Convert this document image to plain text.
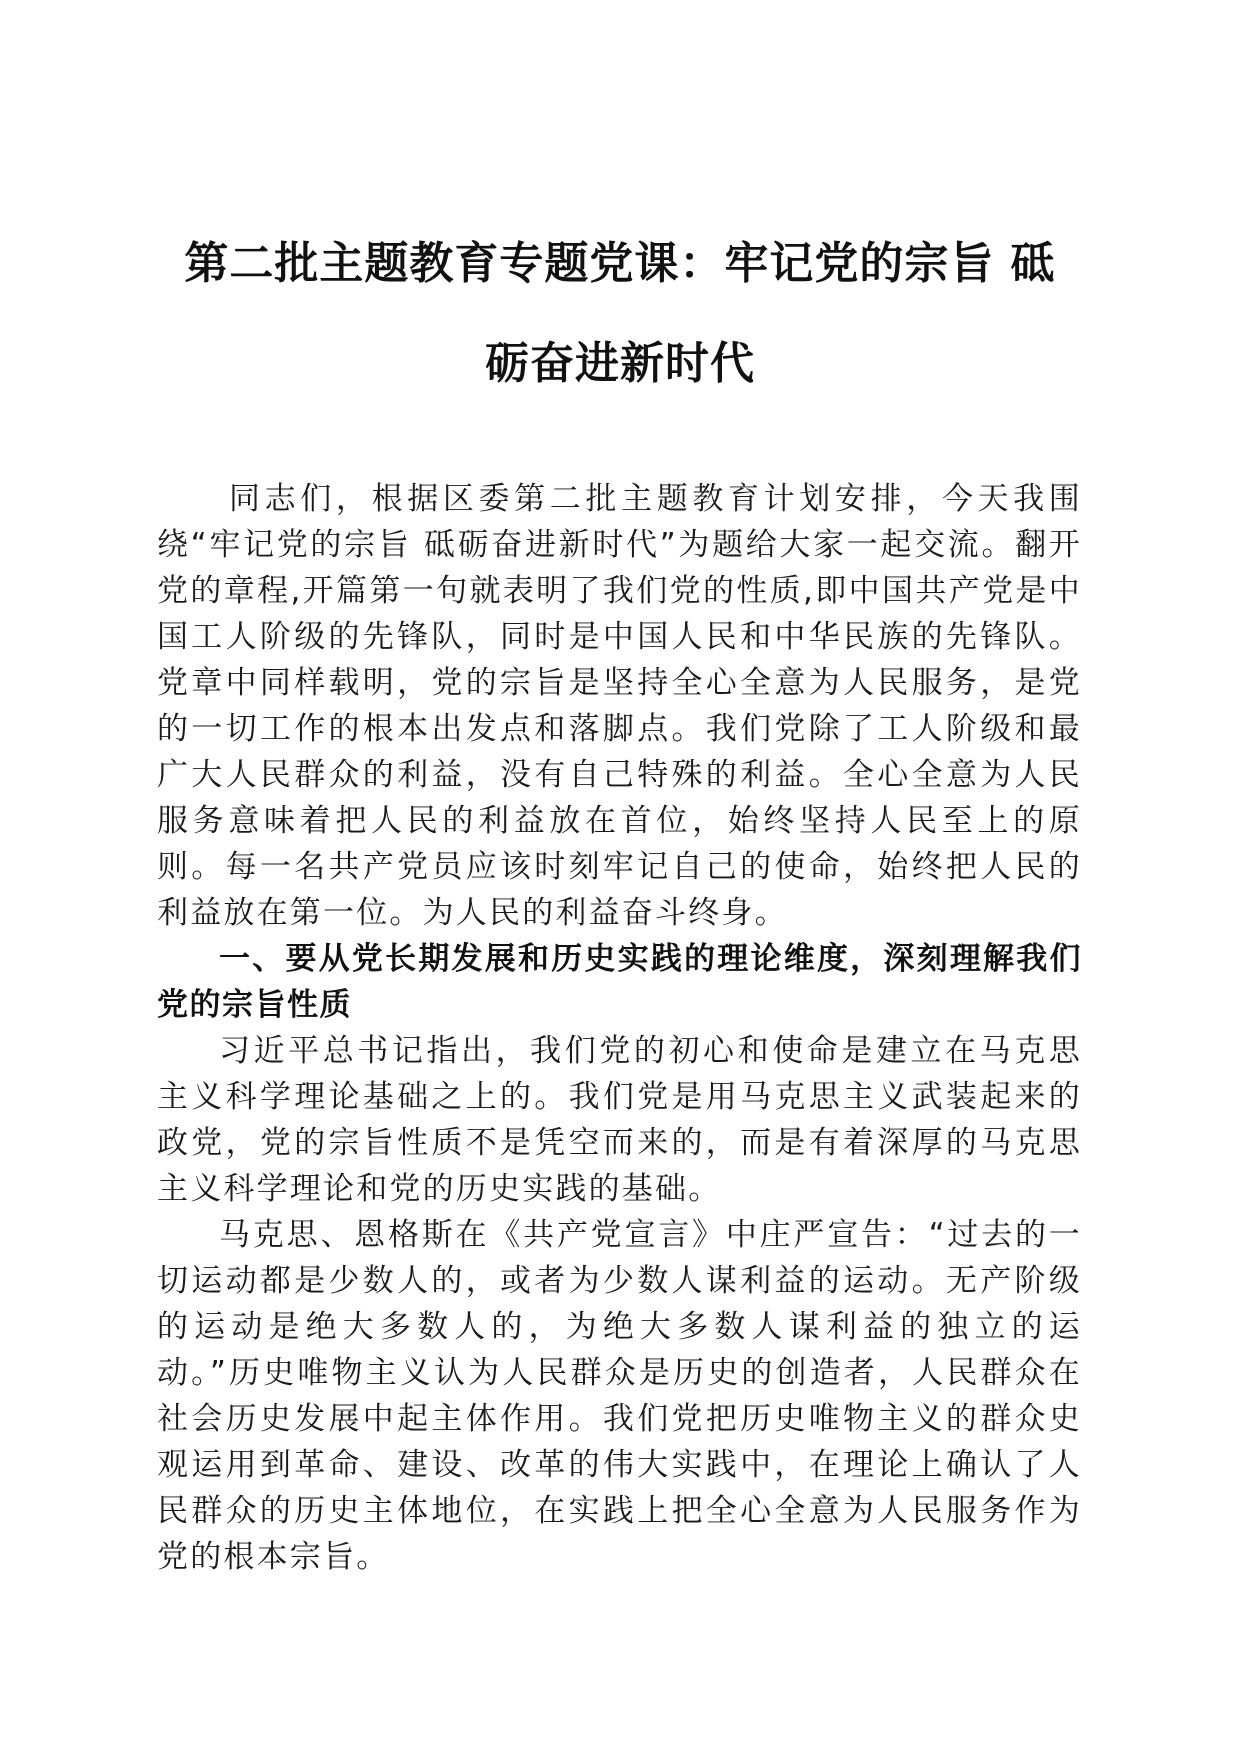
第二批主题教育专题党课：牢记党的宗旨 砥
砺奋进新时代

同志们，根据区委第二批主题教育计划安排，今天我围绕“牢记党的宗旨 砥砺奋进新时代”为题给大家一起交流。翻开党的章程,开篇第一句就表明了我们党的性质,即中国共产党是中国工人阶级的先锋队，同时是中国人民和中华民族的先锋队。党章中同样载明，党的宗旨是坚持全心全意为人民服务，是党的一切工作的根本出发点和落脚点。我们党除了工人阶级和最广大人民群众的利益，没有自己特殊的利益。全心全意为人民服务意味着把人民的利益放在首位，始终坚持人民至上的原则。每一名共产党员应该时刻牢记自己的使命，始终把人民的利益放在第一位。为人民的利益奋斗终身。

一、要从党长期发展和历史实践的理论维度，深刻理解我们党的宗旨性质

习近平总书记指出，我们党的初心和使命是建立在马克思主义科学理论基础之上的。我们党是用马克思主义武装起来的政党，党的宗旨性质不是凭空而来的，而是有着深厚的马克思主义科学理论和党的历史实践的基础。

马克思、恩格斯在《共产党宣言》中庄严宣告：“过去的一切运动都是少数人的，或者为少数人谋利益的运动。无产阶级的运动是绝大多数人的，为绝大多数人谋利益的独立的运动。”历史唯物主义认为人民群众是历史的创造者，人民群众在社会历史发展中起主体作用。我们党把历史唯物主义的群众史观运用到革命、建设、改革的伟大实践中，在理论上确认了人民群众的历史主体地位，在实践上把全心全意为人民服务作为党的根本宗旨。
